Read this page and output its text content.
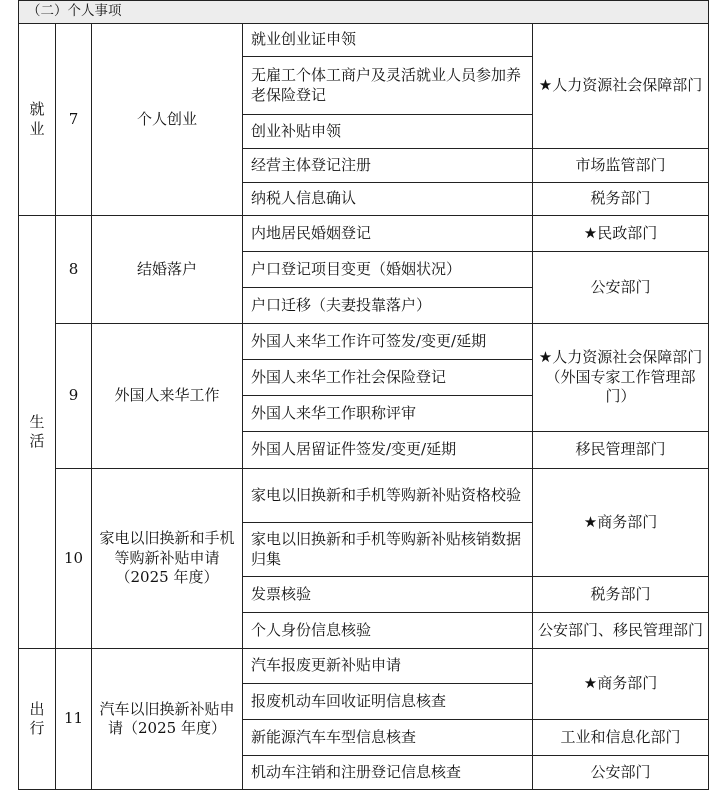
（二）个人事项				

就
业	7	个人创业	就业创业证申领	★人力资源社会保障部门
			无雇工个体工商户及灵活就业人员参加养老保险登记	
			创业补贴申领	

			经营主体登记注册	市场监管部门
			纳税人信息确认	税务部门

生
活	8	结婚落户	内地居民婚姻登记	★民政部门
			户口登记项目变更（婚姻状况）	公安部门
			户口迁移（夫妻投靠落户）	
	9	外国人来华工作	外国人来华工作许可签发/变更/延期	★人力资源社会保障部门（外国专家工作管理部门）
			外国人来华工作社会保险登记	
			外国人来华工作职称评审	
			外国人居留证件签发/变更/延期	移民管理部门
	10	家电以旧换新和手机等购新补贴申请（2025 年度）	家电以旧换新和手机等购新补贴资格校验	★商务部门
			家电以旧换新和手机等购新补贴核销数据归集	

			发票核验	税务部门
			个人身份信息核验	公安部门、移民管理部门

出
行	11	汽车以旧换新补贴申请（2025 年度）	汽车报废更新补贴申请	★商务部门
			报废机动车回收证明信息核查	
			新能源汽车车型信息核查	工业和信息化部门
			机动车注销和注册登记信息核查	公安部门
